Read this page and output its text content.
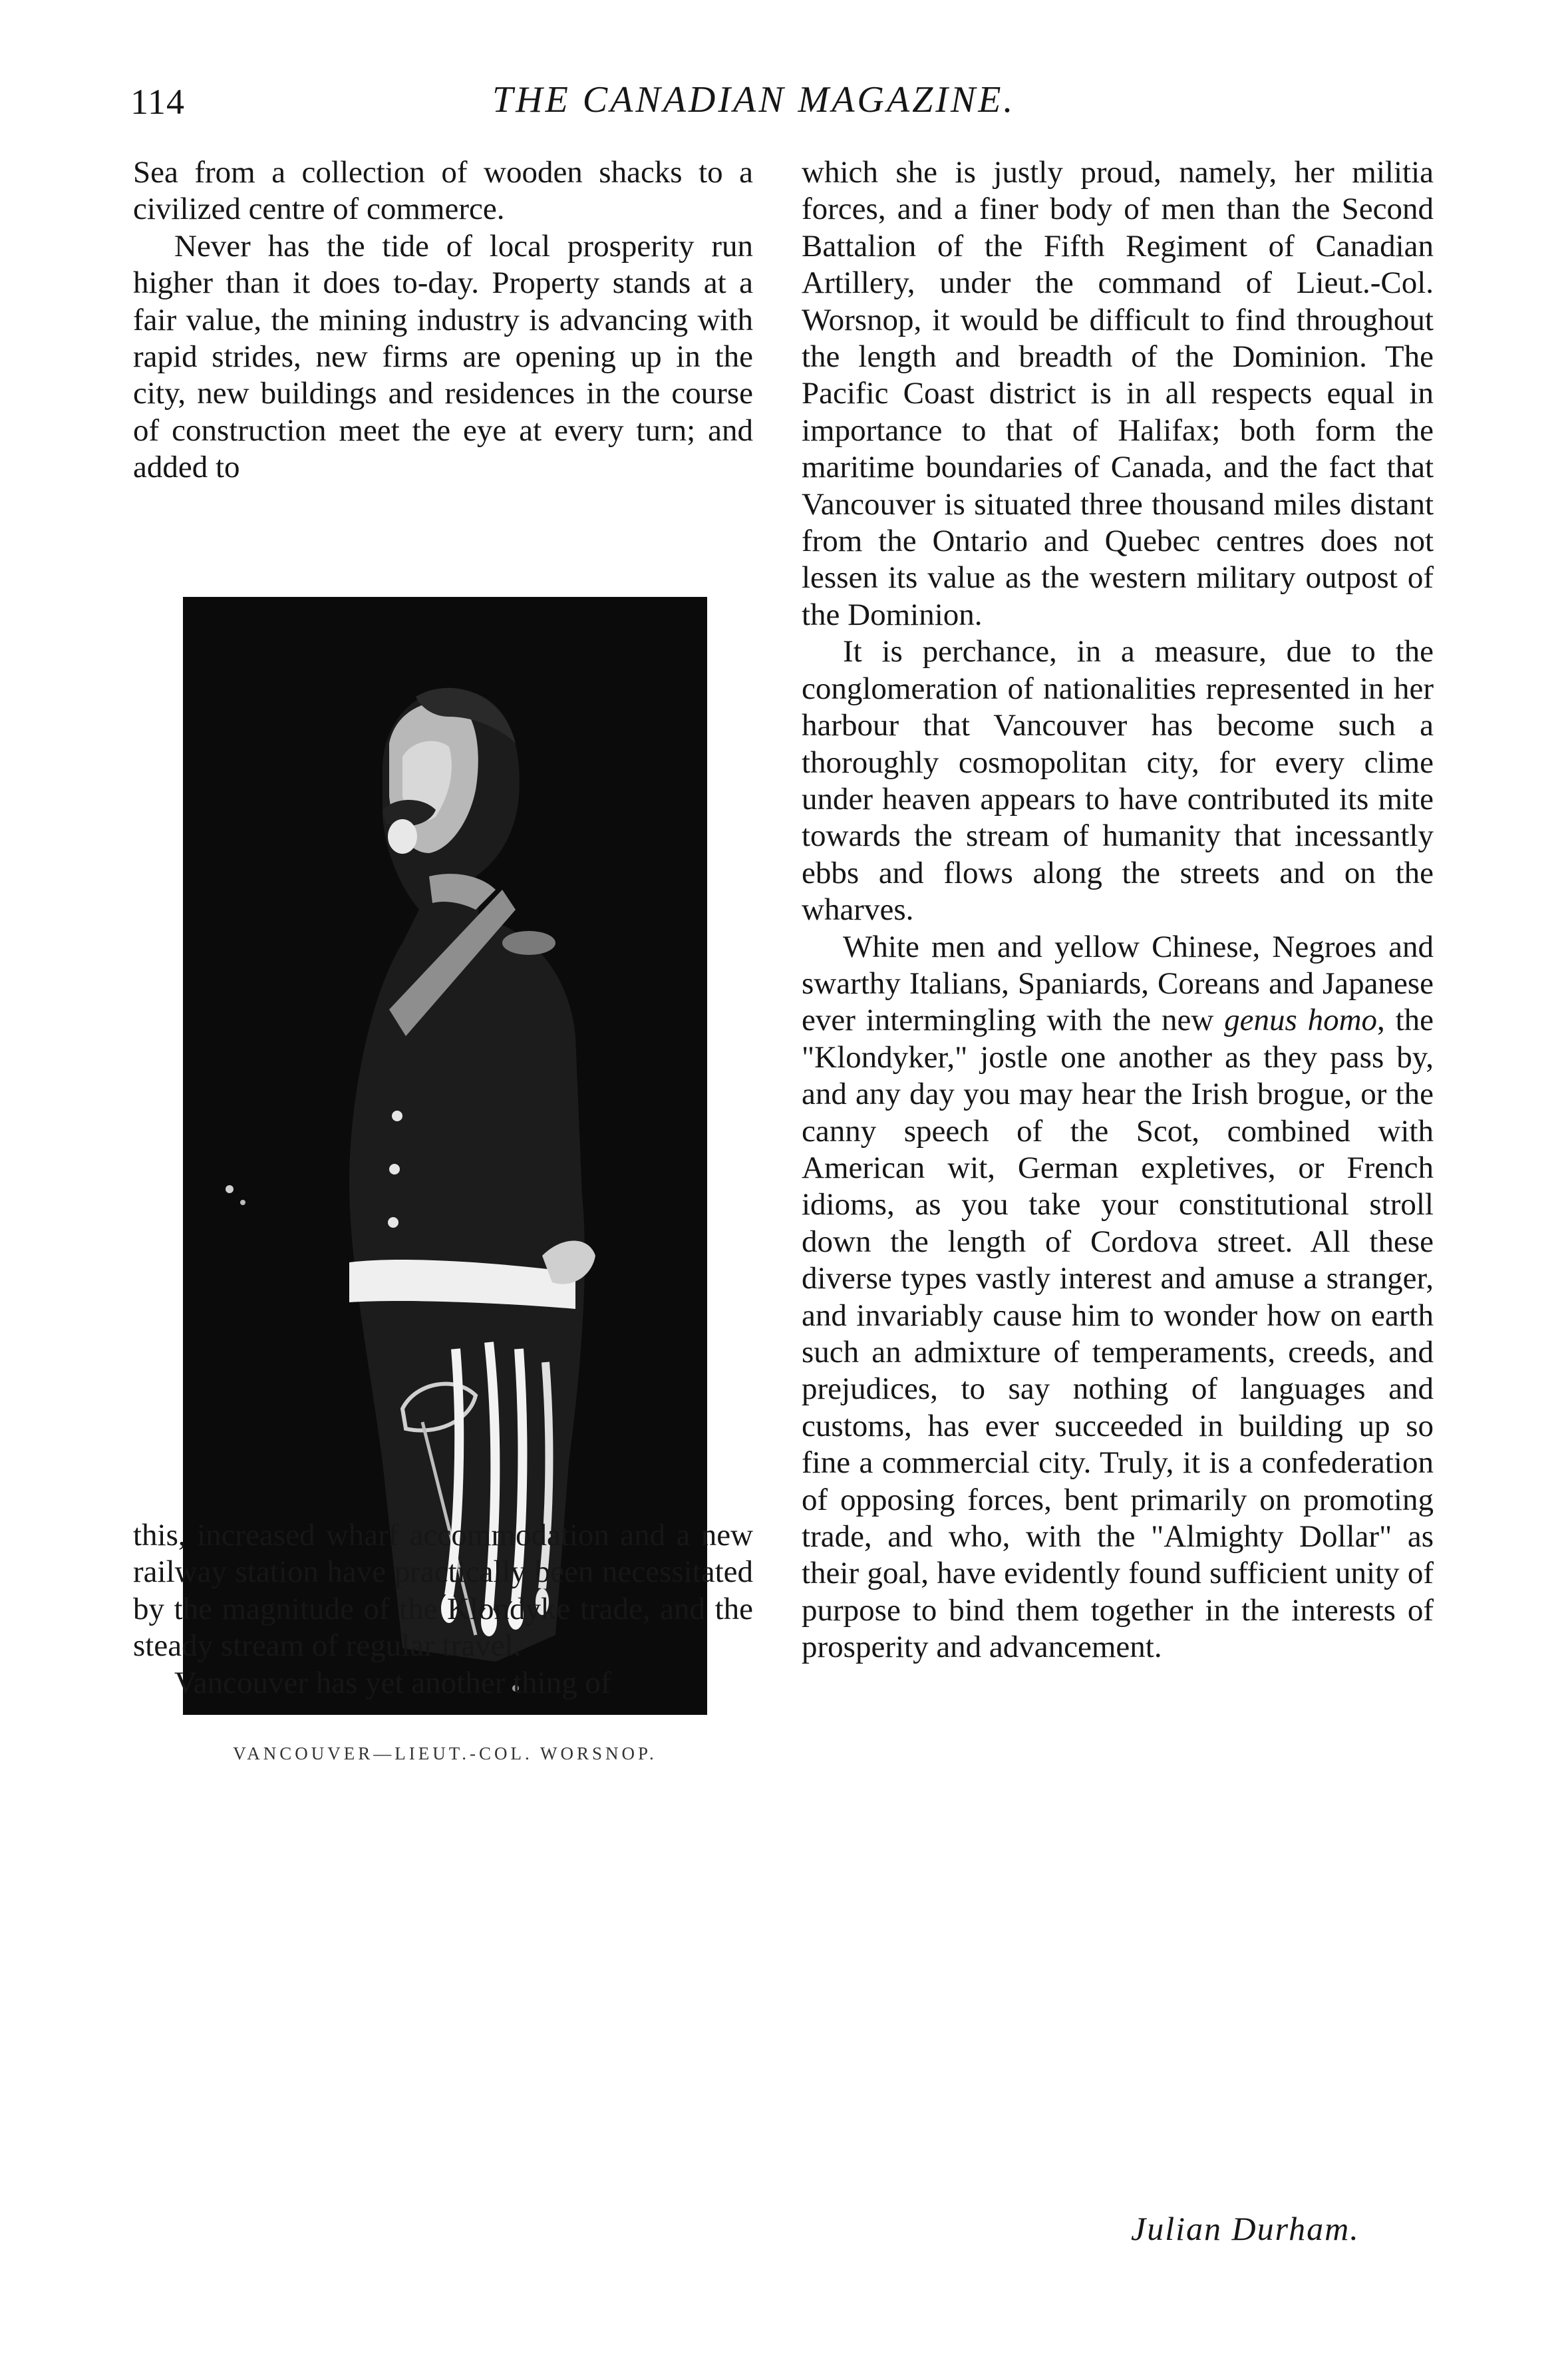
114	THE CANADIAN MAGAZINE.

Sea from a collection of wooden shacks to a civilized centre of commerce.

Never has the tide of local prosperity run higher than it does to-day. Property stands at a fair value, the mining industry is advancing with rapid strides, new firms are opening up in the city, new buildings and residences in the course of construction meet the eye at every turn; and added to

VANCOUVER—LIEUT.-COL. WORSNOP.

this, increased wharf accommodation and a new railway station have practically been necessitated by the magnitude of the Klondyke trade, and the steady stream of regular travel.

Vancouver has yet another thing of

which she is justly proud, namely, her militia forces, and a finer body of men than the Second Battalion of the Fifth Regiment of Canadian Artillery, under the command of Lieut.-Col. Worsnop, it would be difficult to find throughout the length and breadth of the Dominion. The Pacific Coast district is in all respects equal in importance to that of Halifax; both form the maritime boundaries of Canada, and the fact that Vancouver is situated three thousand miles distant from the Ontario and Quebec centres does not lessen its value as the western military outpost of the Dominion.

It is perchance, in a measure, due to the conglomeration of nationalities represented in her harbour that Vancouver has become such a thoroughly cosmopolitan city, for every clime under heaven appears to have contributed its mite towards the stream of humanity that incessantly ebbs and flows along the streets and on the wharves.

White men and yellow Chinese, Negroes and swarthy Italians, Spaniards, Coreans and Japanese ever intermingling with the new genus homo, the "Klondyker," jostle one another as they pass by, and any day you may hear the Irish brogue, or the canny speech of the Scot, combined with American wit, German expletives, or French idioms, as you take your constitutional stroll down the length of Cordova street. All these diverse types vastly interest and amuse a stranger, and invariably cause him to wonder how on earth such an admixture of temperaments, creeds, and prejudices, to say nothing of languages and customs, has ever succeeded in building up so fine a commercial city. Truly, it is a confederation of opposing forces, bent primarily on promoting trade, and who, with the "Almighty Dollar" as their goal, have evidently found sufficient unity of purpose to bind them together in the interests of prosperity and advancement.

Julian Durham.
